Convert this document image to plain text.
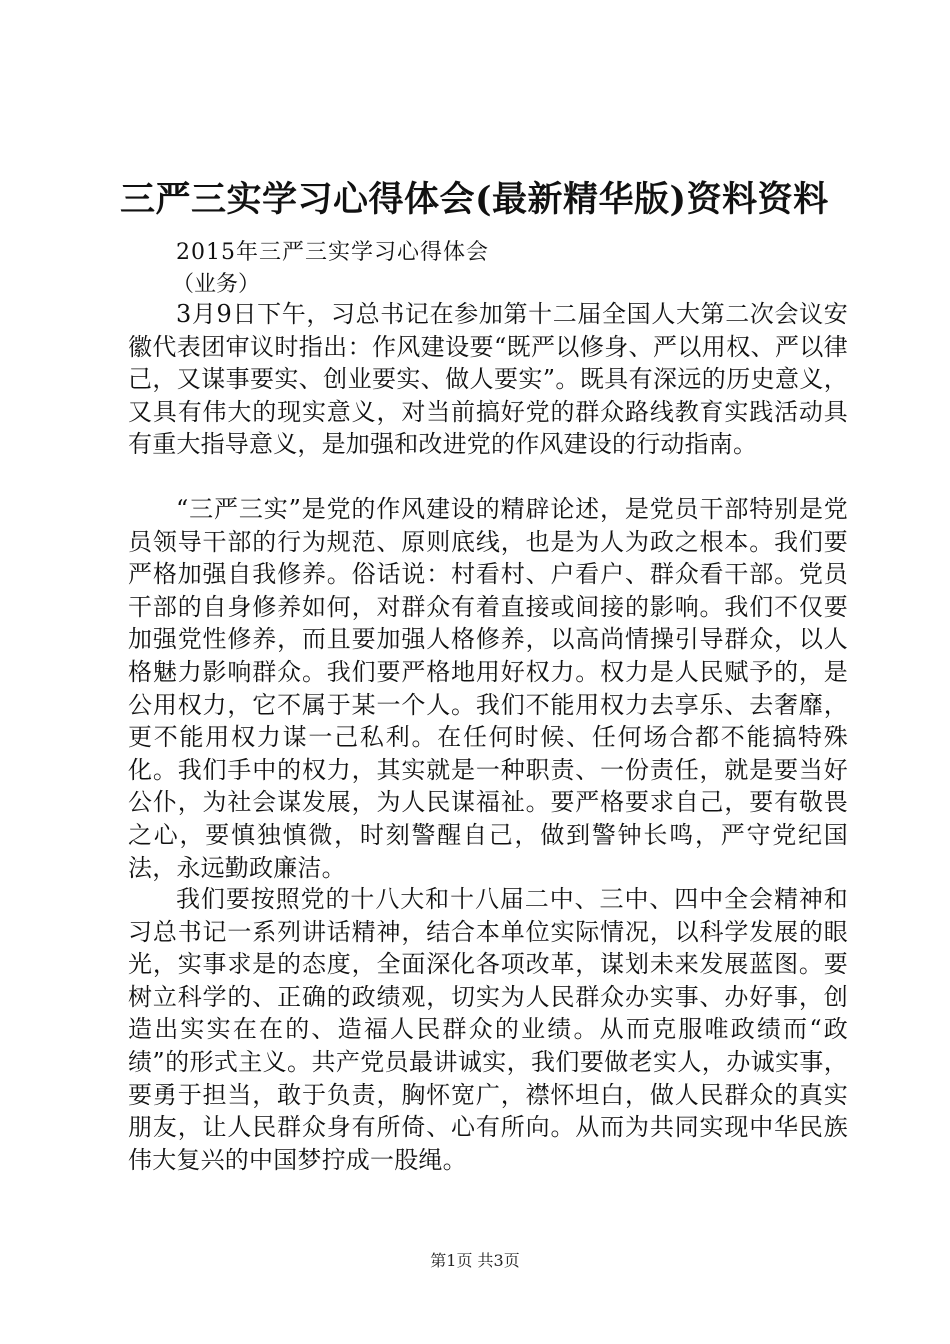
三严三实学习心得体会(最新精华版)资料资料
2015年三严三实学习心得体会
（业务）

3月9日下午，习总书记在参加第十二届全国人大第二次会议安徽代表团审议时指出：作风建设要“既严以修身、严以用权、严以律己，又谋事要实、创业要实、做人要实”。既具有深远的历史意义，又具有伟大的现实意义，对当前搞好党的群众路线教育实践活动具有重大指导意义，是加强和改进党的作风建设的行动指南。

“三严三实”是党的作风建设的精辟论述，是党员干部特别是党员领导干部的行为规范、原则底线，也是为人为政之根本。我们要严格加强自我修养。俗话说：村看村、户看户、群众看干部。党员干部的自身修养如何，对群众有着直接或间接的影响。我们不仅要加强党性修养，而且要加强人格修养，以高尚情操引导群众，以人格魅力影响群众。我们要严格地用好权力。权力是人民赋予的，是公用权力，它不属于某一个人。我们不能用权力去享乐、去奢靡，更不能用权力谋一己私利。在任何时候、任何场合都不能搞特殊化。我们手中的权力，其实就是一种职责、一份责任，就是要当好公仆，为社会谋发展，为人民谋福祉。要严格要求自己，要有敬畏之心，要慎独慎微，时刻警醒自己，做到警钟长鸣，严守党纪国法，永远勤政廉洁。

我们要按照党的十八大和十八届二中、三中、四中全会精神和习总书记一系列讲话精神，结合本单位实际情况，以科学发展的眼光，实事求是的态度，全面深化各项改革，谋划未来发展蓝图。要树立科学的、正确的政绩观，切实为人民群众办实事、办好事，创造出实实在在的、造福人民群众的业绩。从而克服唯政绩而“政绩”的形式主义。共产党员最讲诚实，我们要做老实人，办诚实事，要勇于担当，敢于负责，胸怀宽广，襟怀坦白，做人民群众的真实朋友，让人民群众身有所倚、心有所向。从而为共同实现中华民族伟大复兴的中国梦拧成一股绳。

第1页 共3页
